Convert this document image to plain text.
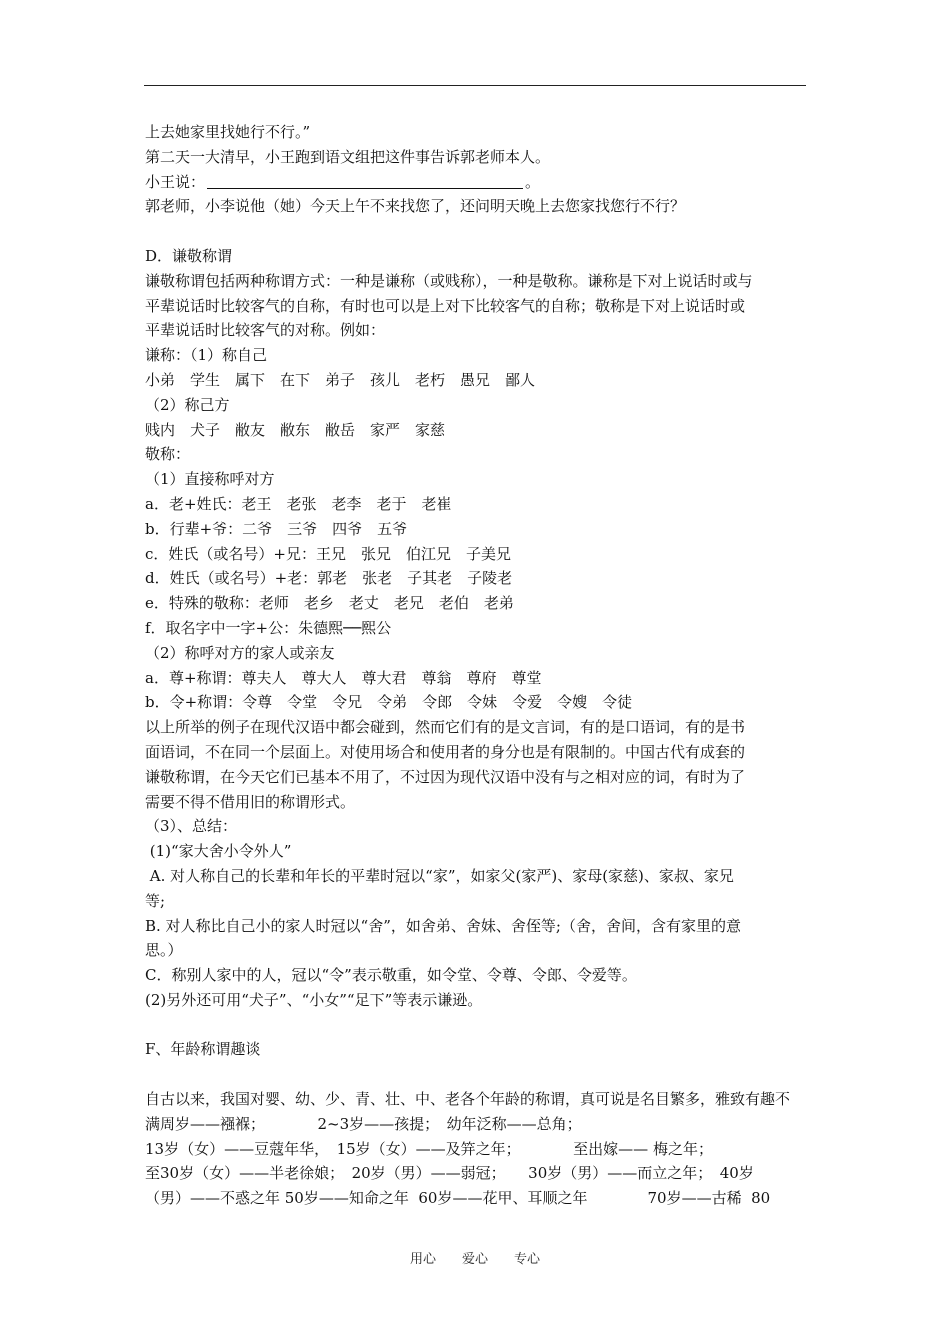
上去她家里找她行不行。”

第二天一大清早，小王跑到语文组把这件事告诉郭老师本人。

小王说：	。

郭老师，小李说他（她）今天上午不来找您了，还问明天晚上去您家找您行不行？

D．谦敬称谓

谦敬称谓包括两种称谓方式：一种是谦称（或贱称），一种是敬称。谦称是下对上说话时或与

平辈说话时比较客气的自称，有时也可以是上对下比较客气的自称；敬称是下对上说话时或

平辈说话时比较客气的对称。例如：

谦称：（1）称自己

小弟　学生　属下　在下　弟子　孩儿　老朽　愚兄　鄙人

（2）称己方

贱内　犬子　敝友　敝东　敝岳　家严　家慈

敬称：

（1）直接称呼对方

a．老+姓氏：老王　老张　老李　老于　老崔

b．行辈+爷：二爷　三爷　四爷　五爷

c．姓氏（或名号）+兄：王兄　张兄　伯江兄　子美兄

d．姓氏（或名号）+老：郭老　张老　子其老　子陵老

e．特殊的敬称：老师　老乡　老丈　老兄　老伯　老弟

f．取名字中一字+公：朱德熙──熙公

（2）称呼对方的家人或亲友

a．尊+称谓：尊夫人　尊大人　尊大君　尊翁　尊府　尊堂

b．令+称谓：令尊　令堂　令兄　令弟　令郎　令妹　令爱　令嫂　令徒

以上所举的例子在现代汉语中都会碰到，然而它们有的是文言词，有的是口语词，有的是书

面语词，不在同一个层面上。对使用场合和使用者的身分也是有限制的。中国古代有成套的

谦敬称谓，在今天它们已基本不用了，不过因为现代汉语中没有与之相对应的词，有时为了

需要不得不借用旧的称谓形式。

（3）、总结：

(1)“家大舍小令外人”

A. 对人称自己的长辈和年长的平辈时冠以“家”，如家父(家严)、家母(家慈)、家叔、家兄

等;

B. 对人称比自己小的家人时冠以“舍”，如舍弟、舍妹、舍侄等;（舍，舍间，含有家里的意

思。）

C．称别人家中的人，冠以“令”表示敬重，如令堂、令尊、令郎、令爱等。

(2)另外还可用“犬子”、“小女”“足下”等表示谦逊。

F、年龄称谓趣谈

自古以来，我国对婴、幼、少、青、壮、中、老各个年龄的称谓，真可说是名目繁多，雅致有趣不

满周岁——襁褓；　　　　2~3岁——孩提；　幼年泛称——总角；

13岁（女）——豆蔻年华，　15岁（女）——及笄之年；　　　　至出嫁—— 梅之年；

至30岁（女）——半老徐娘；　20岁（男）——弱冠；　　30岁（男）——而立之年；　40岁

（男）——不惑之年 50岁——知命之年  60岁——花甲、耳顺之年　　　　70岁——古稀  80

用心　　爱心　　专心
